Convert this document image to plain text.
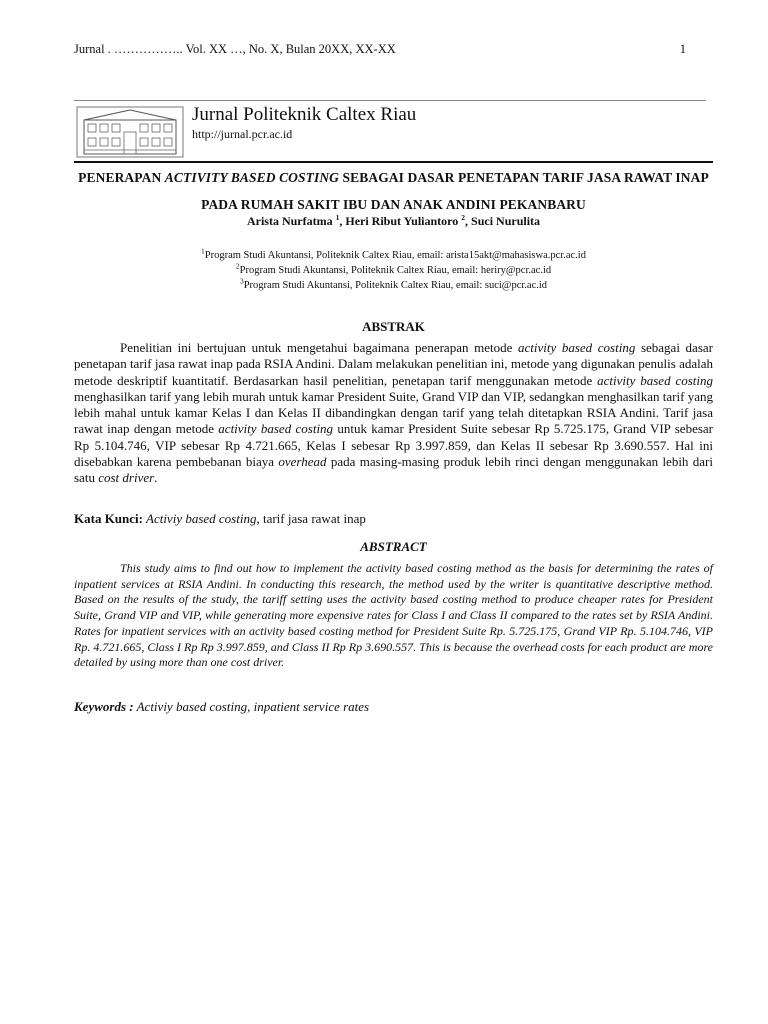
Jurnal . …………….. Vol. XX …, No. X, Bulan 20XX, XX-XX	1
Jurnal Politeknik Caltex Riau
http://jurnal.pcr.ac.id
PENERAPAN ACTIVITY BASED COSTING SEBAGAI DASAR PENETAPAN TARIF JASA RAWAT INAP PADA RUMAH SAKIT IBU DAN ANAK ANDINI PEKANBARU
Arista Nurfatma $^1$, Heri Ribut Yuliantoro $^2$, Suci Nurulita
$^1$Program Studi Akuntansi, Politeknik Caltex Riau, email: arista15akt@mahasiswa.pcr.ac.id
$^2$Program Studi Akuntansi, Politeknik Caltex Riau, email: heriry@pcr.ac.id
$^3$Program Studi Akuntansi, Politeknik Caltex Riau, email: suci@pcr.ac.id
ABSTRAK
Penelitian ini bertujuan untuk mengetahui bagaimana penerapan metode activity based costing sebagai dasar penetapan tarif jasa rawat inap pada RSIA Andini. Dalam melakukan penelitian ini, metode yang digunakan penulis adalah metode deskriptif kuantitatif. Berdasarkan hasil penelitian, penetapan tarif menggunakan metode activity based costing menghasilkan tarif yang lebih murah untuk kamar President Suite, Grand VIP dan VIP, sedangkan menghasilkan tarif yang lebih mahal untuk kamar Kelas I dan Kelas II dibandingkan dengan tarif yang telah ditetapkan RSIA Andini. Tarif jasa rawat inap dengan metode activity based costing untuk kamar President Suite sebesar Rp 5.725.175, Grand VIP sebesar Rp 5.104.746, VIP sebesar Rp 4.721.665, Kelas I sebesar Rp 3.997.859, dan Kelas II sebesar Rp 3.690.557. Hal ini disebabkan karena pembebanan biaya overhead pada masing-masing produk lebih rinci dengan menggunakan lebih dari satu cost driver.
Kata Kunci: Activiy based costing, tarif jasa rawat inap
ABSTRACT
This study aims to find out how to implement the activity based costing method as the basis for determining the rates of inpatient services at RSIA Andini. In conducting this research, the method used by the writer is quantitative descriptive method. Based on the results of the study, the tariff setting uses the activity based costing method to produce cheaper rates for President Suite, Grand VIP and VIP, while generating more expensive rates for Class I and Class II compared to the rates set by RSIA Andini. Rates for inpatient services with an activity based costing method for President Suite Rp. 5.725.175, Grand VIP Rp. 5.104.746, VIP Rp. 4.721.665, Class I Rp Rp 3.997.859, and Class II Rp Rp 3.690.557. This is because the overhead costs for each product are more detailed by using more than one cost driver.
Keywords : Activiy based costing, inpatient service rates
